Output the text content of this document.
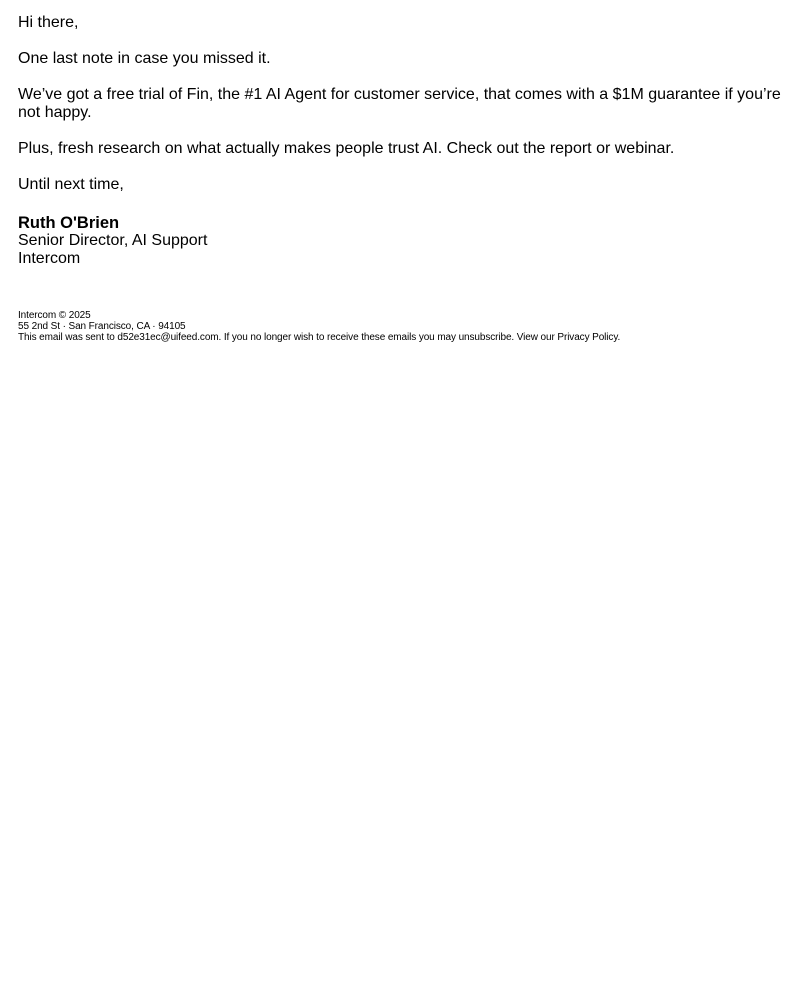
Hi there,

One last note in case you missed it.

We’ve got a free trial of Fin, the #1 AI Agent for customer service, that comes with a $1M guarantee if you’re not happy.

Plus, fresh research on what actually makes people trust AI. Check out the report or webinar.

Until next time,

Ruth O'Brien
Senior Director, AI Support
Intercom
Intercom © 2025
55 2nd St · San Francisco, CA · 94105
This email was sent to d52e31ec@uifeed.com. If you no longer wish to receive these emails you may unsubscribe. View our Privacy Policy.
